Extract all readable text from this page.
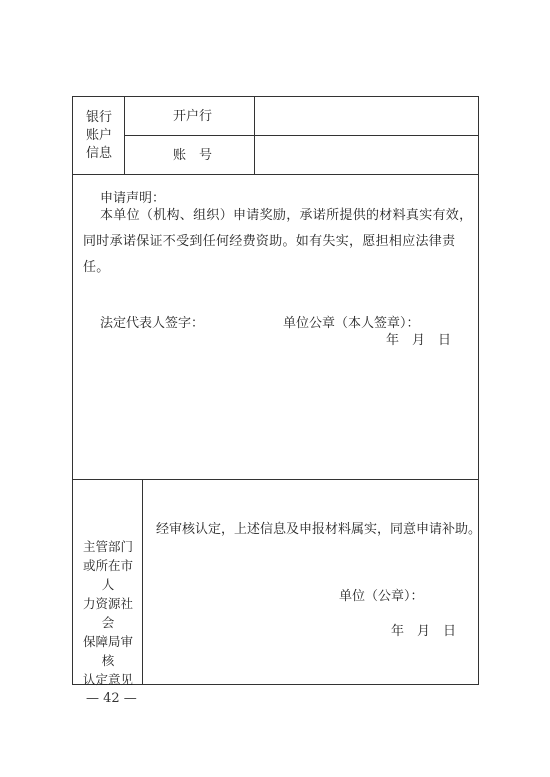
银行
账户
信息
开户行
账　号
申请声明：
本单位（机构、组织）申请奖励，承诺所提供的材料真实有效，
同时承诺保证不受到任何经费资助。如有失实，愿担相应法律责任。
法定代表人签字：	单位公章（本人签章）：
年　月　日
主管部门
或所在市人
力资源社会
保障局审核
认定意见
经审核认定，上述信息及申报材料属实，同意申请补助。
单位（公章）：
年　月　日
— 42 —
